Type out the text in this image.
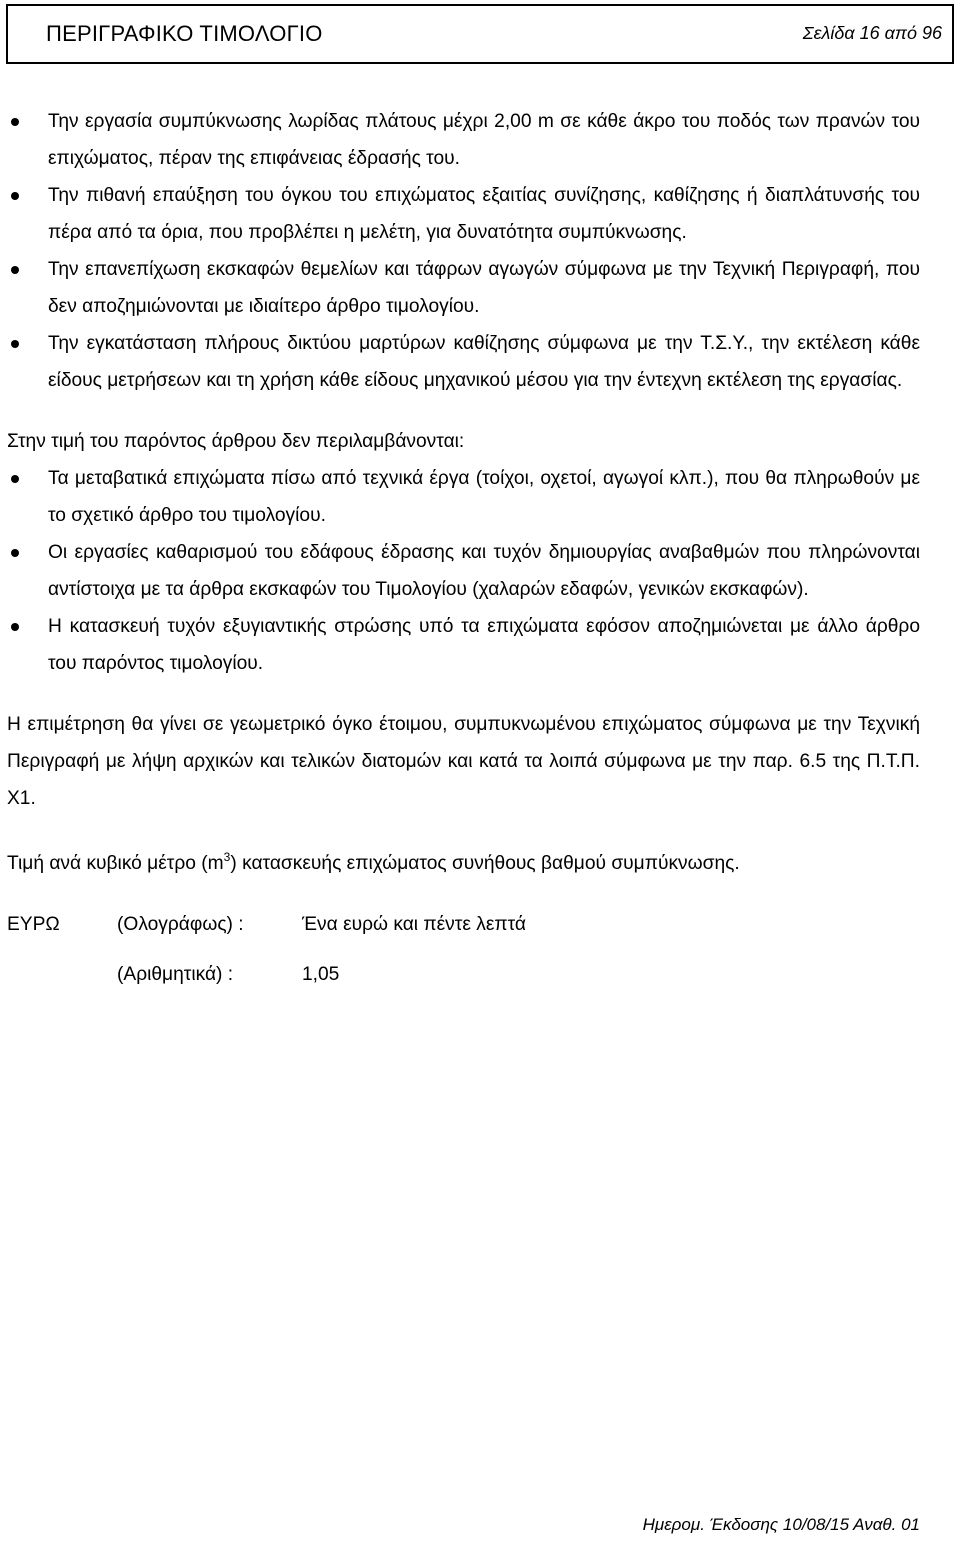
ΠΕΡΙΓΡΑΦΙΚΟ ΤΙΜΟΛΟΓΙΟ	Σελίδα 16 από 96
Την εργασία συμπύκνωσης λωρίδας πλάτους μέχρι 2,00 m σε κάθε άκρο του ποδός των πρανών του επιχώματος, πέραν της επιφάνειας έδρασής του.
Την πιθανή επαύξηση του όγκου του επιχώματος εξαιτίας συνίζησης, καθίζησης ή διαπλάτυνσής του πέρα από τα όρια, που προβλέπει η μελέτη, για δυνατότητα συμπύκνωσης.
Την επανεπίχωση εκσκαφών θεμελίων και τάφρων αγωγών σύμφωνα με την Τεχνική Περιγραφή, που δεν αποζημιώνονται με ιδιαίτερο άρθρο τιμολογίου.
Την εγκατάσταση πλήρους δικτύου μαρτύρων καθίζησης σύμφωνα με την Τ.Σ.Υ., την εκτέλεση κάθε είδους μετρήσεων και τη χρήση κάθε είδους μηχανικού μέσου για την έντεχνη εκτέλεση της εργασίας.

Στην τιμή του παρόντος άρθρου δεν περιλαμβάνονται:

Τα μεταβατικά επιχώματα πίσω από τεχνικά έργα (τοίχοι, οχετοί, αγωγοί κλπ.), που θα πληρωθούν με το σχετικό άρθρο του τιμολογίου.
Οι εργασίες καθαρισμού του εδάφους έδρασης και τυχόν δημιουργίας αναβαθμών που πληρώνονται αντίστοιχα με τα άρθρα εκσκαφών του Τιμολογίου (χαλαρών εδαφών, γενικών εκσκαφών).
Η κατασκευή τυχόν εξυγιαντικής στρώσης υπό τα επιχώματα εφόσον αποζημιώνεται με άλλο άρθρο του παρόντος τιμολογίου.

Η επιμέτρηση θα γίνει σε γεωμετρικό όγκο έτοιμου, συμπυκνωμένου επιχώματος σύμφωνα με την Τεχνική Περιγραφή με λήψη αρχικών και τελικών διατομών και κατά τα λοιπά σύμφωνα με την παρ. 6.5 της Π.Τ.Π. Χ1.

Τιμή ανά κυβικό μέτρο $(m^3)$ κατασκευής επιχώματος συνήθους βαθμού συμπύκνωσης.

ΕΥΡΩ	(Ολογράφως) :	Ένα ευρώ και πέντε λεπτά
(Αριθμητικά) :	1,05
Ημερομ. Έκδοσης 10/08/15 Αναθ. 01
